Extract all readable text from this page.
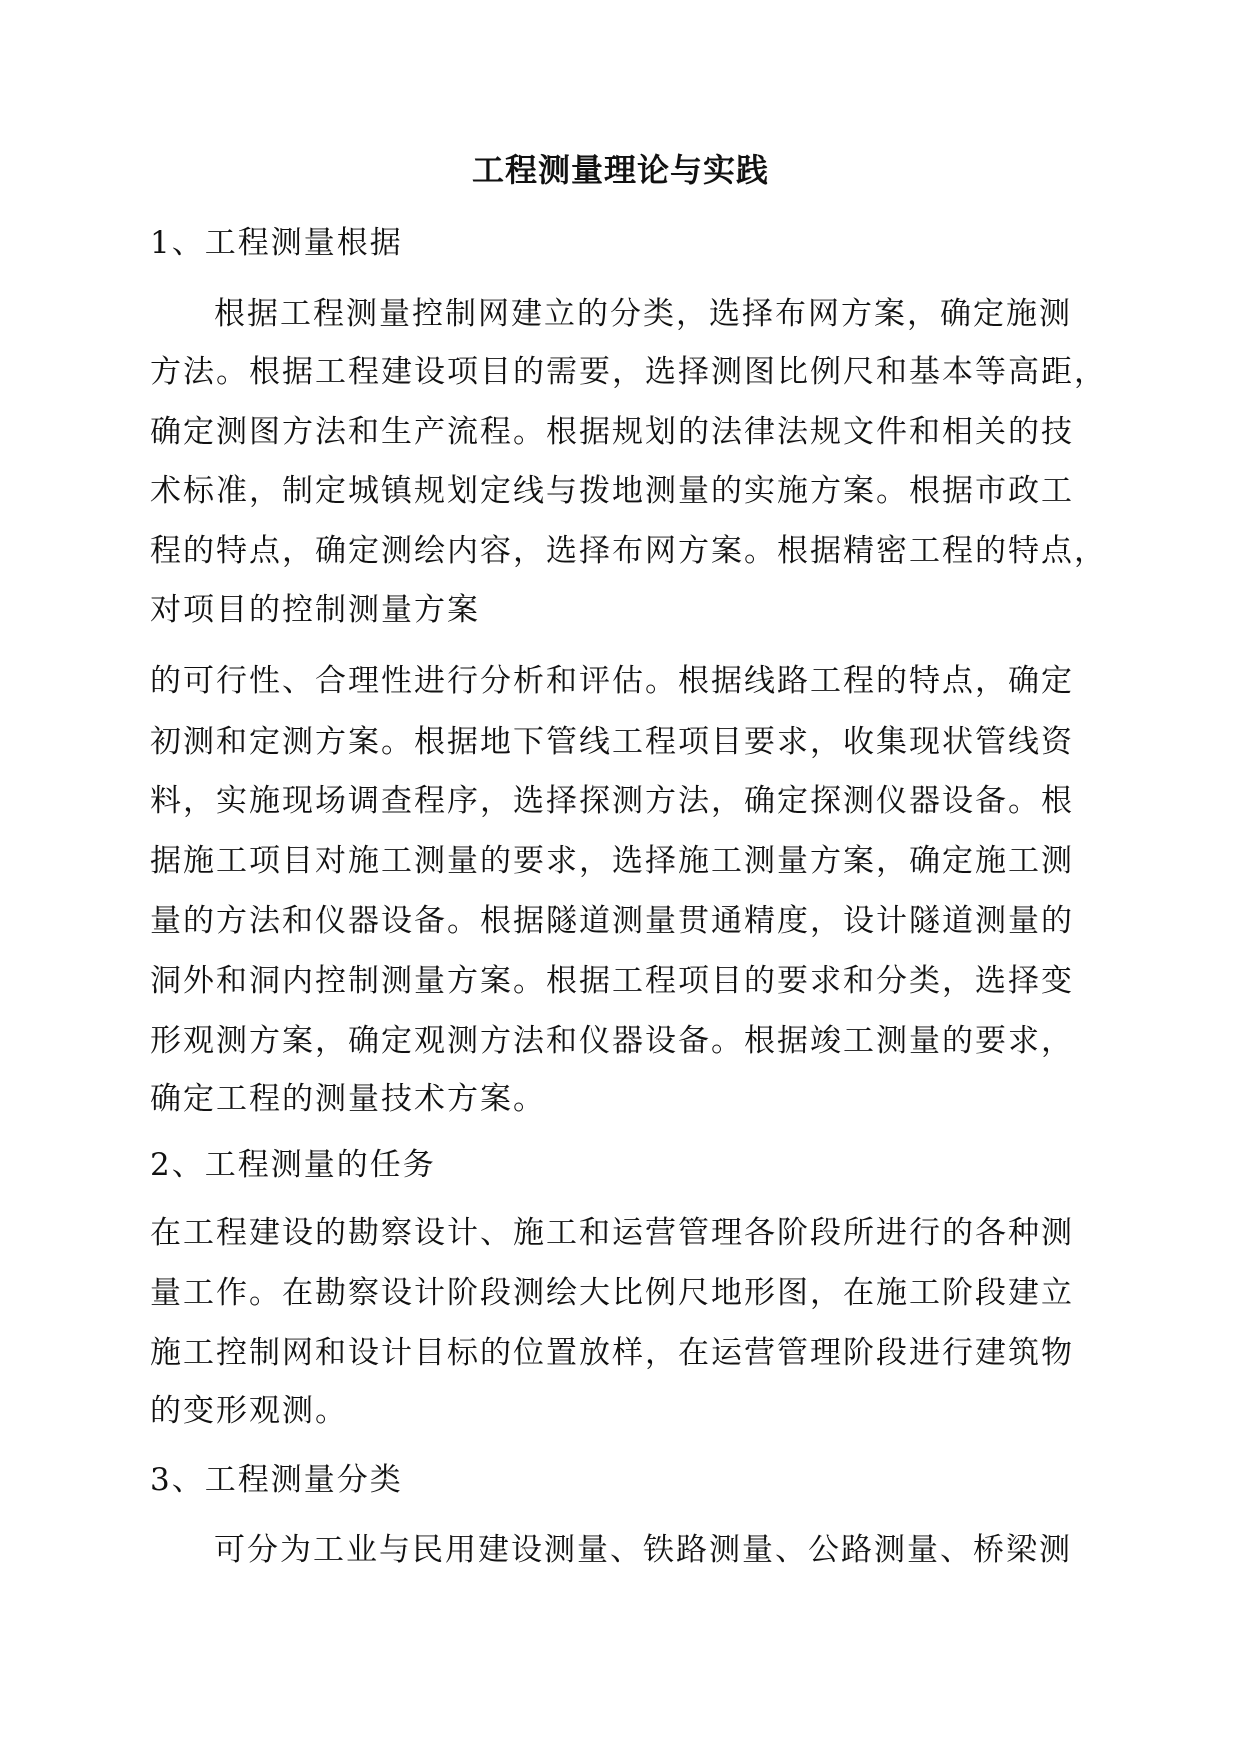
工程测量理论与实践
1、工程测量根据
根据工程测量控制网建立的分类，选择布网方案，确定施测
方法。根据工程建设项目的需要，选择测图比例尺和基本等高距，
确定测图方法和生产流程。根据规划的法律法规文件和相关的技
术标准，制定城镇规划定线与拨地测量的实施方案。根据市政工
程的特点，确定测绘内容，选择布网方案。根据精密工程的特点，
对项目的控制测量方案
的可行性、合理性进行分析和评估。根据线路工程的特点，确定
初测和定测方案。根据地下管线工程项目要求，收集现状管线资
料，实施现场调查程序，选择探测方法，确定探测仪器设备。根
据施工项目对施工测量的要求，选择施工测量方案，确定施工测
量的方法和仪器设备。根据隧道测量贯通精度，设计隧道测量的
洞外和洞内控制测量方案。根据工程项目的要求和分类，选择变
形观测方案，确定观测方法和仪器设备。根据竣工测量的要求，
确定工程的测量技术方案。
2、工程测量的任务
在工程建设的勘察设计、施工和运营管理各阶段所进行的各种测
量工作。在勘察设计阶段测绘大比例尺地形图，在施工阶段建立
施工控制网和设计目标的位置放样，在运营管理阶段进行建筑物
的变形观测。
3、工程测量分类
可分为工业与民用建设测量、铁路测量、公路测量、桥梁测
